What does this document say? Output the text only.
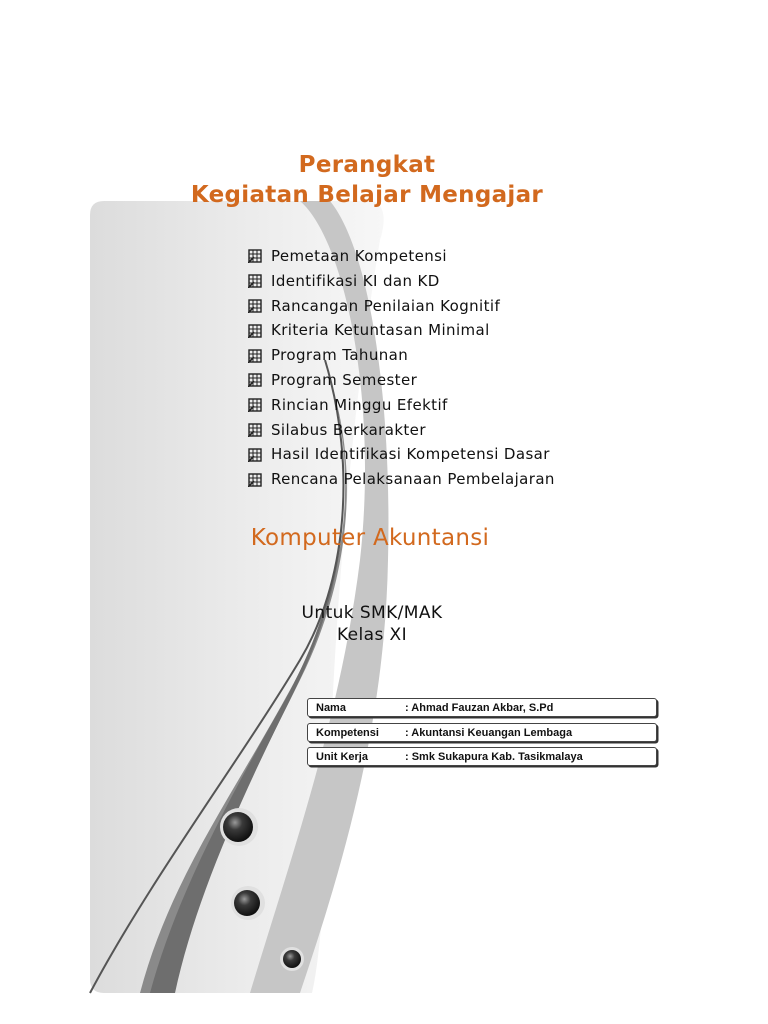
Perangkat
Kegiatan Belajar Mengajar
Pemetaan Kompetensi
Identifikasi KI dan KD
Rancangan Penilaian Kognitif
Kriteria Ketuntasan Minimal
Program Tahunan
Program Semester
Rincian Minggu Efektif
Silabus Berkarakter
Hasil Identifikasi Kompetensi Dasar
Rencana Pelaksanaan Pembelajaran
Komputer Akuntansi
Untuk SMK/MAK
Kelas XI
Nama	: Ahmad Fauzan Akbar, S.Pd
Kompetensi : Akuntansi Keuangan Lembaga
Unit Kerja	: Smk Sukapura Kab. Tasikmalaya
